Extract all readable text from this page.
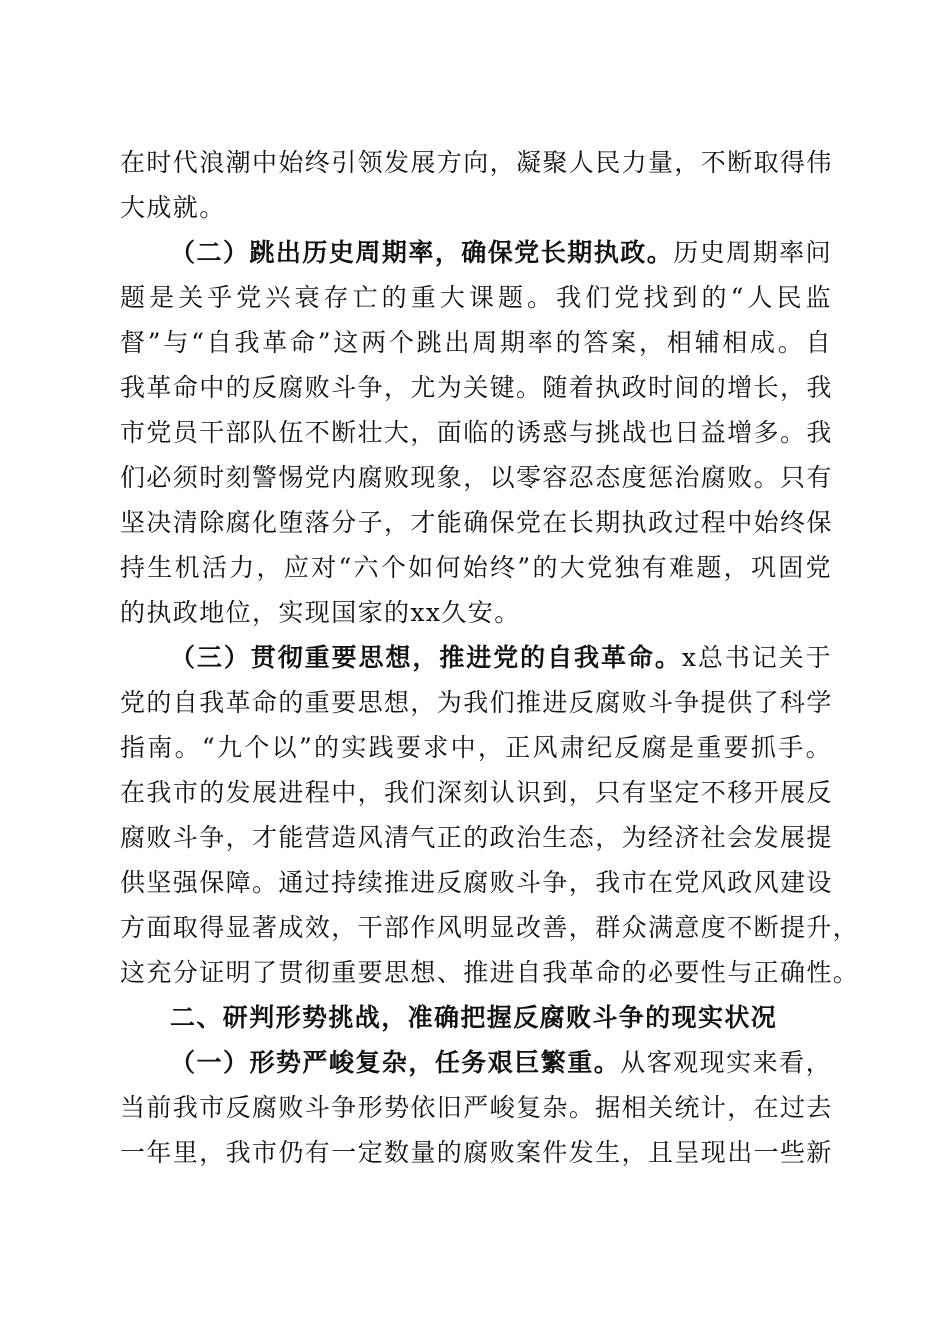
在时代浪潮中始终引领发展方向，凝聚人民力量，不断取得伟
大成就。
（二）跳出历史周期率，确保党长期执政。历史周期率问
题是关乎党兴衰存亡的重大课题。我们党找到的“人民监
督”与“自我革命”这两个跳出周期率的答案，相辅相成。自
我革命中的反腐败斗争，尤为关键。随着执政时间的增长，我
市党员干部队伍不断壮大，面临的诱惑与挑战也日益增多。我
们必须时刻警惕党内腐败现象，以零容忍态度惩治腐败。只有
坚决清除腐化堕落分子，才能确保党在长期执政过程中始终保
持生机活力，应对“六个如何始终”的大党独有难题，巩固党
的执政地位，实现国家的xx久安。
（三）贯彻重要思想，推进党的自我革命。x总书记关于
党的自我革命的重要思想，为我们推进反腐败斗争提供了科学
指南。“九个以”的实践要求中，正风肃纪反腐是重要抓手。
在我市的发展进程中，我们深刻认识到，只有坚定不移开展反
腐败斗争，才能营造风清气正的政治生态，为经济社会发展提
供坚强保障。通过持续推进反腐败斗争，我市在党风政风建设
方面取得显著成效，干部作风明显改善，群众满意度不断提升，
这充分证明了贯彻重要思想、推进自我革命的必要性与正确性。
二、研判形势挑战，准确把握反腐败斗争的现实状况
（一）形势严峻复杂，任务艰巨繁重。从客观现实来看，
当前我市反腐败斗争形势依旧严峻复杂。据相关统计，在过去
一年里，我市仍有一定数量的腐败案件发生，且呈现出一些新
